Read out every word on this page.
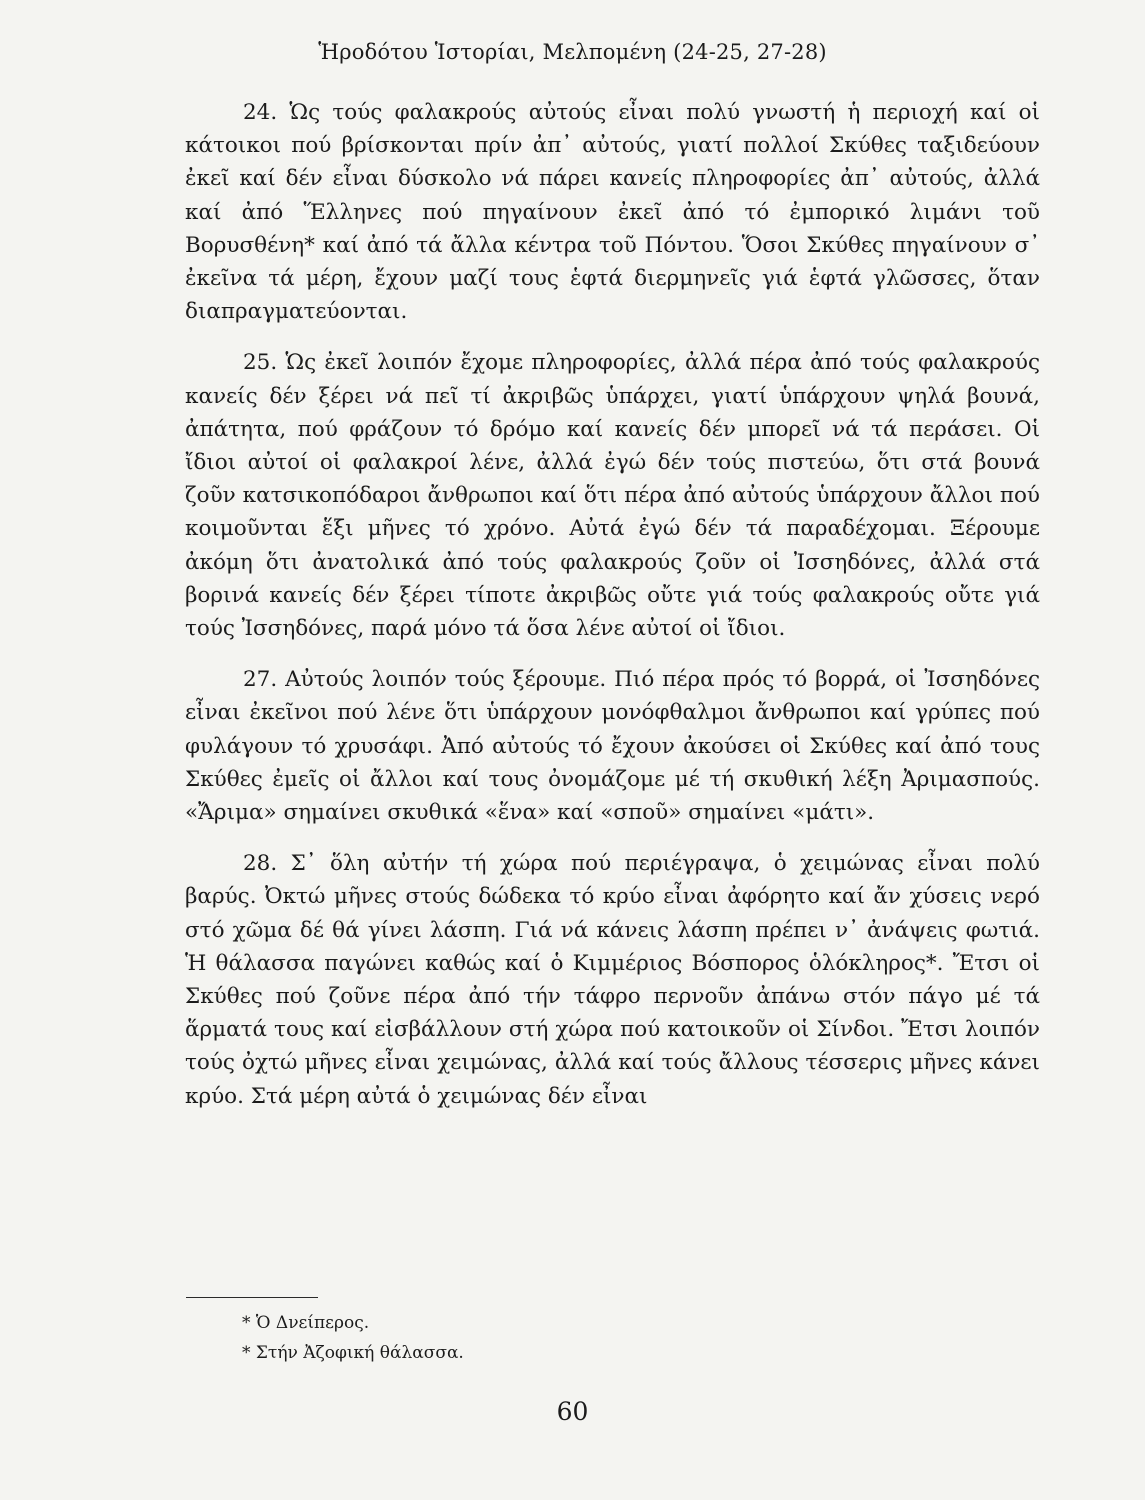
Ἡροδότου Ἱστορίαι, Μελπομένη (24-25, 27-28)

24. Ὡς τούς φαλακρούς αὐτούς εἶναι πολύ γνωστή ἡ περιοχή καί οἱ κάτοικοι πού βρίσκονται πρίν ἀπ᾽ αὐτούς, γιατί πολλοί Σκύθες ταξιδεύουν ἐκεῖ καί δέν εἶναι δύσκολο νά πάρει κανείς πληροφορίες ἀπ᾽ αὐτούς, ἀλλά καί ἀπό Ἕλληνες πού πηγαίνουν ἐκεῖ ἀπό τό ἐμπορικό λιμάνι τοῦ Βορυσθένη* καί ἀπό τά ἄλλα κέντρα τοῦ Πόντου. Ὅσοι Σκύθες πηγαίνουν σ᾽ ἐκεῖνα τά μέρη, ἔχουν μαζί τους ἑφτά διερμηνεῖς γιά ἑφτά γλῶσσες, ὅταν διαπραγματεύονται.

25. Ὡς ἐκεῖ λοιπόν ἔχομε πληροφορίες, ἀλλά πέρα ἀπό τούς φαλακρούς κανείς δέν ξέρει νά πεῖ τί ἀκριβῶς ὑπάρχει, γιατί ὑπάρχουν ψηλά βουνά, ἀπάτητα, πού φράζουν τό δρόμο καί κανείς δέν μπορεῖ νά τά περάσει. Οἱ ἴδιοι αὐτοί οἱ φαλακροί λένε, ἀλλά ἐγώ δέν τούς πιστεύω, ὅτι στά βουνά ζοῦν κατσικοπόδαροι ἄνθρωποι καί ὅτι πέρα ἀπό αὐτούς ὑπάρχουν ἄλλοι πού κοιμοῦνται ἕξι μῆνες τό χρόνο. Αὐτά ἐγώ δέν τά παραδέχομαι. Ξέρουμε ἀκόμη ὅτι ἀνατολικά ἀπό τούς φαλακρούς ζοῦν οἱ Ἰσσηδόνες, ἀλλά στά βορινά κανείς δέν ξέρει τίποτε ἀκριβῶς οὔτε γιά τούς φαλακρούς οὔτε γιά τούς Ἰσσηδόνες, παρά μόνο τά ὅσα λένε αὐτοί οἱ ἴδιοι.

27. Αὐτούς λοιπόν τούς ξέρουμε. Πιό πέρα πρός τό βορρά, οἱ Ἰσσηδόνες εἶναι ἐκεῖνοι πού λένε ὅτι ὑπάρχουν μονόφθαλμοι ἄνθρωποι καί γρύπες πού φυλάγουν τό χρυσάφι. Ἀπό αὐτούς τό ἔχουν ἀκούσει οἱ Σκύθες καί ἀπό τους Σκύθες ἐμεῖς οἱ ἄλλοι καί τους ὀνομάζομε μέ τή σκυθική λέξη Ἀριμασπούς. «Ἄριμα» σημαίνει σκυθικά «ἕνα» καί «σποῦ» σημαίνει «μάτι».

28. Σ᾽ ὅλη αὐτήν τή χώρα πού περιέγραψα, ὁ χειμώνας εἶναι πολύ βαρύς. Ὀκτώ μῆνες στούς δώδεκα τό κρύο εἶναι ἀφόρητο καί ἄν χύσεις νερό στό χῶμα δέ θά γίνει λάσπη. Γιά νά κάνεις λάσπη πρέπει ν᾽ ἀνάψεις φωτιά. Ἡ θάλασσα παγώνει καθώς καί ὁ Κιμμέριος Βόσπορος ὁλόκληρος*. Ἔτσι οἱ Σκύθες πού ζοῦνε πέρα ἀπό τήν τάφρο περνοῦν ἀπάνω στόν πάγο μέ τά ἅρματά τους καί εἰσβάλλουν στή χώρα πού κατοικοῦν οἱ Σίνδοι. Ἔτσι λοιπόν τούς ὀχτώ μῆνες εἶναι χειμώνας, ἀλλά καί τούς ἄλλους τέσσερις μῆνες κάνει κρύο. Στά μέρη αὐτά ὁ χειμώνας δέν εἶναι

* Ὁ Δνείπερος.
* Στήν Ἀζοφική θάλασσα.
60
